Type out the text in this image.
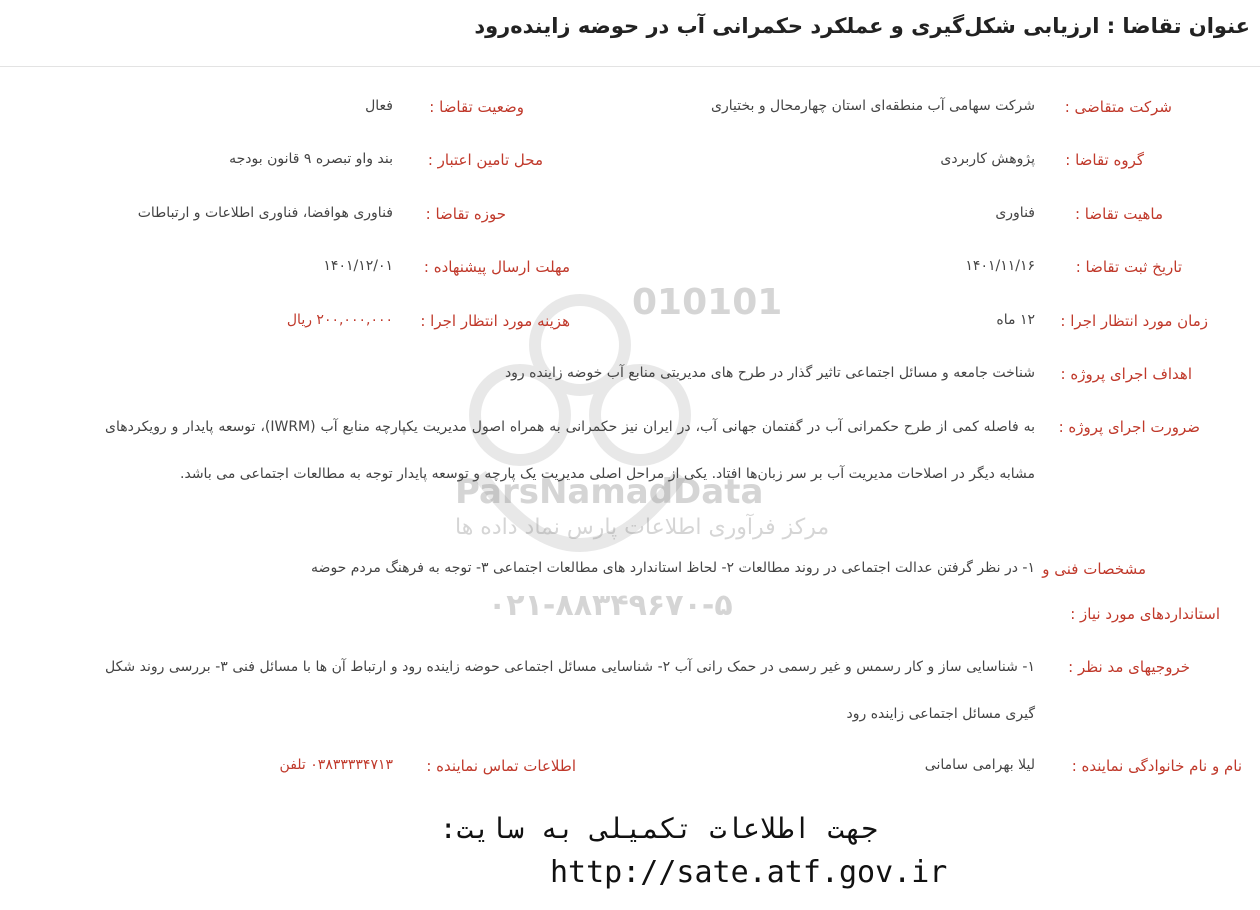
عنوان تقاضا : ارزیابی شکل‌گیری و عملکرد حکمرانی آب در حوضه زاینده‌رود
010101
ParsNamadData
مرکز فرآوری اطلاعات پارس نماد داده ها
۰۲۱-۸۸۳۴۹۶۷۰-۵
شرکت متقاضی :
شرکت سهامی آب منطقه‌ای استان چهارمحال و بختیاری
وضعیت تقاضا :
فعال
گروه تقاضا :
پژوهش کاربردی
محل تامین اعتبار :
بند واو تبصره ۹ قانون بودجه
ماهیت تقاضا :
فناوری
حوزه تقاضا :
فناوری هوافضا، فناوری اطلاعات و ارتباطات
تاریخ ثبت تقاضا :
۱۴۰۱/۱۱/۱۶
مهلت ارسال پیشنهاده :
۱۴۰۱/۱۲/۰۱
زمان مورد انتظار اجرا :
۱۲ ماه
هزینه مورد انتظار اجرا :
۲۰۰,۰۰۰,۰۰۰ ریال
اهداف اجرای پروژه :
شناخت جامعه و مسائل اجتماعی تاثیر گذار در طرح های مدیریتی منابع آب خوضه زاینده رود
ضرورت اجرای پروژه :
به فاصله کمی از طرح حکمرانی آب در گفتمان جهانی آب، در ایران نیز حکمرانی به همراه اصول مدیریت یکپارچه منابع آب (IWRM)، توسعه پایدار و رویکردهای مشابه دیگر در اصلاحات مدیریت آب بر سر زبان‌ها افتاد. یکی از مراحل اصلی مدیریت یک پارچه و توسعه پایدار توجه به مطالعات اجتماعی می باشد.
مشخصات فنی و
استانداردهای مورد نیاز :
۱- در نظر گرفتن عدالت اجتماعی در روند مطالعات ۲- لحاظ استاندارد های مطالعات اجتماعی ۳- توجه به فرهنگ مردم حوضه
خروجیهای مد نظر :
۱- شناسایی ساز و کار رسمس و غیر رسمی در حمک رانی آب ۲- شناسایی مسائل اجتماعی حوضه زاینده رود و ارتباط آن ها با مسائل فنی ۳- بررسی روند شکل گیری مسائل اجتماعی زاینده رود
نام و نام خانوادگی نماینده :
لیلا بهرامی سامانی
اطلاعات تماس نماینده :
۰۳۸۳۳۳۳۴۷۱۳ تلفن
جهت اطلاعات تکمیلی به سایت:
http://sate.atf.gov.ir
